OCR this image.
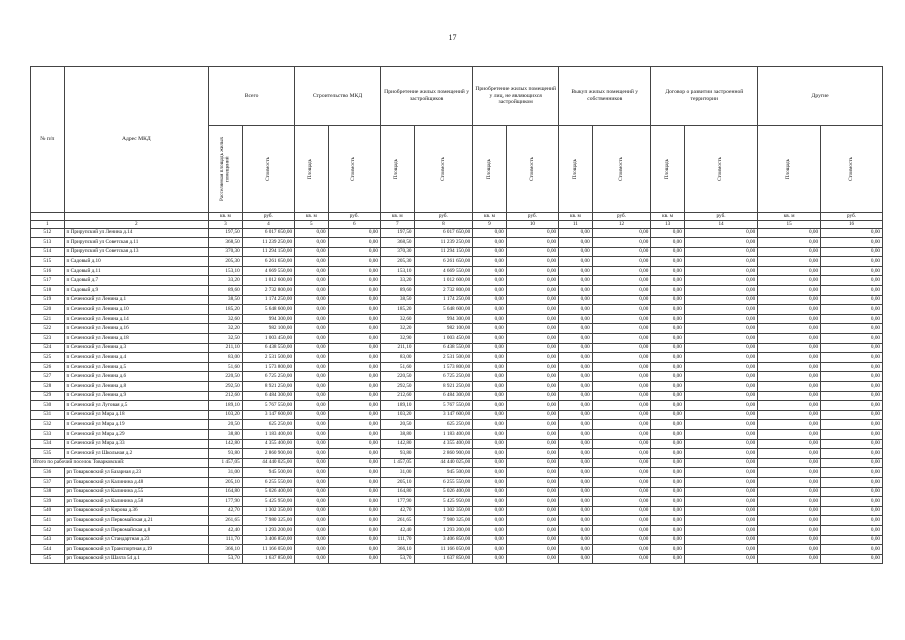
17
№ п/п	Адрес МКД	Всего		Строительство МКД		Приобретение жилых помещений у застройщиков		Приобретение жилых помещений у лиц, не являющихся застройщиком		Выкуп жилых помещений у собственников		Договор о развитии застроенной территории		Другие	

		Расселяемая площадь жилых помещений	Стоимость	Площадь	Стоимость	Площадь	Стоимость	Площадь	Стоимость	Площадь	Стоимость	Площадь	Стоимость	Площадь	Стоимость

		кв. м	руб.	кв. м	руб.	кв. м	руб.	кв. м	руб.	кв. м	руб.	кв. м	руб.	кв. м	руб.
1	2	3	4	5	6	7	8	9	10	11	12	13	14	15	16
512	п Прирупский ул Ленина д.14	197,50	6 017 650,00	0,00	0,00	197,50	6 017 650,00	0,00	0,00	0,00	0,00	0,00	0,00	0,00	0,00
513	п Прирупский ул Советская д.11	368,50	11 239 250,00	0,00	0,00	368,50	11 239 250,00	0,00	0,00	0,00	0,00	0,00	0,00	0,00	0,00
514	п Прирупский ул Советская д.13	370,30	11 294 150,00	0,00	0,00	370,30	11 294 150,00	0,00	0,00	0,00	0,00	0,00	0,00	0,00	0,00
515	п Садовый д.10	205,30	6 261 650,00	0,00	0,00	205,30	6 261 650,00	0,00	0,00	0,00	0,00	0,00	0,00	0,00	0,00
516	п Садовый д.11	153,10	4 669 550,00	0,00	0,00	153,10	4 669 550,00	0,00	0,00	0,00	0,00	0,00	0,00	0,00	0,00
517	п Садовый д.7	33,20	1 012 600,00	0,00	0,00	33,20	1 012 600,00	0,00	0,00	0,00	0,00	0,00	0,00	0,00	0,00
518	п Садовый д.9	89,60	2 732 800,00	0,00	0,00	89,60	2 732 800,00	0,00	0,00	0,00	0,00	0,00	0,00	0,00	0,00
519	п Сеченский ул Ленина д.1	38,50	1 174 250,00	0,00	0,00	38,50	1 174 250,00	0,00	0,00	0,00	0,00	0,00	0,00	0,00	0,00
520	п Сеченский ул Ленина д.10	185,20	5 648 600,00	0,00	0,00	185,20	5 648 600,00	0,00	0,00	0,00	0,00	0,00	0,00	0,00	0,00
521	п Сеченский ул Ленина д.14	32,60	994 300,00	0,00	0,00	32,60	994 300,00	0,00	0,00	0,00	0,00	0,00	0,00	0,00	0,00
522	п Сеченский ул Ленина д.16	32,20	982 100,00	0,00	0,00	32,20	982 100,00	0,00	0,00	0,00	0,00	0,00	0,00	0,00	0,00
523	п Сеченский ул Ленина д.18	32,50	1 003 450,00	0,00	0,00	32,90	1 003 450,00	0,00	0,00	0,00	0,00	0,00	0,00	0,00	0,00
524	п Сеченский ул Ленина д.3	211,10	6 438 550,00	0,00	0,00	211,10	6 438 550,00	0,00	0,00	0,00	0,00	0,00	0,00	0,00	0,00
525	п Сеченский ул Ленина д.4	83,00	2 531 500,00	0,00	0,00	83,00	2 531 500,00	0,00	0,00	0,00	0,00	0,00	0,00	0,00	0,00
526	п Сеченский ул Ленина д.5	51,60	1 573 800,00	0,00	0,00	51,60	1 573 800,00	0,00	0,00	0,00	0,00	0,00	0,00	0,00	0,00
527	п Сеченский ул Ленина д.6	220,50	6 725 250,00	0,00	0,00	220,50	6 725 250,00	0,00	0,00	0,00	0,00	0,00	0,00	0,00	0,00
528	п Сеченский ул Ленина д.8	292,50	8 921 250,00	0,00	0,00	292,50	8 921 250,00	0,00	0,00	0,00	0,00	0,00	0,00	0,00	0,00
529	п Сеченский ул Ленина д.9	212,60	6 484 300,00	0,00	0,00	212,60	6 484 300,00	0,00	0,00	0,00	0,00	0,00	0,00	0,00	0,00
530	п Сеченский ул Луговая д.5	189,10	5 767 550,00	0,00	0,00	189,10	5 767 550,00	0,00	0,00	0,00	0,00	0,00	0,00	0,00	0,00
531	п Сеченский ул Мира д.18	103,20	3 147 600,00	0,00	0,00	103,20	3 147 600,00	0,00	0,00	0,00	0,00	0,00	0,00	0,00	0,00
532	п Сеченский ул Мира д.19	20,50	625 250,00	0,00	0,00	20,50	625 250,00	0,00	0,00	0,00	0,00	0,00	0,00	0,00	0,00
533	п Сеченский ул Мира д.29	38,80	1 183 400,00	0,00	0,00	38,80	1 183 400,00	0,00	0,00	0,00	0,00	0,00	0,00	0,00	0,00
534	п Сеченский ул Мира д.33	142,80	4 355 400,00	0,00	0,00	142,80	4 355 400,00	0,00	0,00	0,00	0,00	0,00	0,00	0,00	0,00
535	п Сеченский ул Школьная д.2	93,80	2 860 900,00	0,00	0,00	93,80	2 860 900,00	0,00	0,00	0,00	0,00	0,00	0,00	0,00	0,00
Итого по рабочий поселок Товарковский:		1 457,05	44 440 025,00	0,00	0,00	1 457,05	44 440 025,00	0,00	0,00	0,00	0,00	0,00	0,00	0,00	0,00
536	рп Товарковский ул Базарная д.23	31,00	945 500,00	0,00	0,00	31,00	945 500,00	0,00	0,00	0,00	0,00	0,00	0,00	0,00	0,00
537	рп Товарковский ул Калинина д.48	205,10	6 255 550,00	0,00	0,00	205,10	6 255 550,00	0,00	0,00	0,00	0,00	0,00	0,00	0,00	0,00
538	рп Товарковский ул Калинина д.55	164,80	5 026 400,00	0,00	0,00	164,80	5 026 400,00	0,00	0,00	0,00	0,00	0,00	0,00	0,00	0,00
539	рп Товарковский ул Калинина д.58	177,90	5 425 950,00	0,00	0,00	177,90	5 425 950,00	0,00	0,00	0,00	0,00	0,00	0,00	0,00	0,00
540	рп Товарковский ул Кирова д.36	42,70	1 302 350,00	0,00	0,00	42,70	1 302 350,00	0,00	0,00	0,00	0,00	0,00	0,00	0,00	0,00
541	рп Товарковский ул Первомайская д.21	261,65	7 980 325,00	0,00	0,00	261,65	7 980 325,00	0,00	0,00	0,00	0,00	0,00	0,00	0,00	0,00
542	рп Товарковский ул Первомайская д.8	42,40	1 293 200,00	0,00	0,00	42,40	1 293 200,00	0,00	0,00	0,00	0,00	0,00	0,00	0,00	0,00
543	рп Товарковский ул Стандартная д.23	111,70	3 406 850,00	0,00	0,00	111,70	3 406 850,00	0,00	0,00	0,00	0,00	0,00	0,00	0,00	0,00
544	рп Товарковский ул Транспортная д.19	366,10	11 166 050,00	0,00	0,00	366,10	11 166 050,00	0,00	0,00	0,00	0,00	0,00	0,00	0,00	0,00
545	рп Товарковский ул Шахта 54 д.1	53,70	1 637 850,00	0,00	0,00	53,70	1 637 850,00	0,00	0,00	0,00	0,00	0,00	0,00	0,00	0,00
